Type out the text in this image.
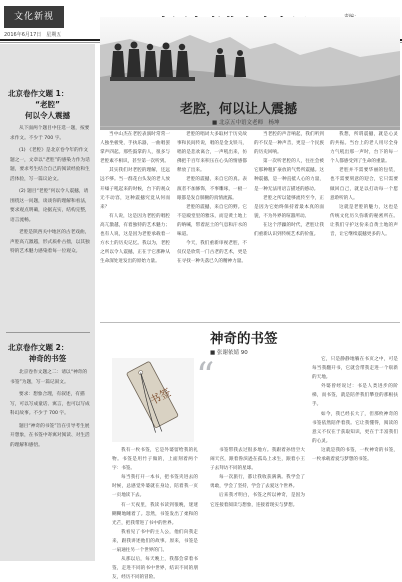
文化新视
2016年6月17日　星期五
北京卷作文题 1：
“老腔”
何以令人震撼

从下面两个题目中任选一题，按要求作文。不少于 700 字。

(1) 《老腔》是北京卷今年的作文题之一，文章以“老腔”的感染力作为话题，要求考生结合自己的阅读经验和生活体验，写一篇议论文。

(2) 题目“老腔”何以令人震撼，请围绕这一问题，谈谈你的理解和看法，要求观点明确，论据充实，结构完整，语言流畅。

老腔是陕西关中地区的古老戏曲，声腔高亢激越，形式质朴古拙，以其独特的艺术魅力感染着每一位观众。

北京卷作文题 2：
神奇的书签

北京卷作文题之二：请以“神奇的书签”为题，写一篇记叙文。

要求：想象合理，有叙述，有描写，可以写成童话、寓言，也可以写成科幻故事。不少于 700 字。

题目“神奇的书签”旨在引导考生展开想象，在书签中寄寓对阅读、对生活的理解和感悟。

老腔，何以让人震撼
■ 北京五中语文老师　杨坤

当中山杰在老腔表演时常常一人独坐板凳，手执乐器，一曲唱罢掌声四起。那些鼓掌的人，很多与老腔素不相识，甚至第一次听到。

其实我们对老腔的理解，还远远不够。当一群花白头发的老人放开嗓子吼起来的时候，台下的观众无不动容，这种震撼究竟从何而来？

有人说，这是因为老腔的唱腔高亢激越，有着独特的艺术魅力；也有人说，这是因为老腔承载着一方水土的历史记忆。我以为，老腔之所以令人震撼，正在于它那种从生命深处迸发出的原始力量。

老腔的唱词大多取材于历史故事和民间传说，唱的是金戈铁马，唱的是悲欢离合，一声吼出来，仿佛把千百年来积压在心头的情感都释放了出来。

老腔的震撼，来自它的真。表演者不加修饰，不事雕琢，一板一眼都是发自肺腑的真情流露。

老腔的震撼，来自它的野。它不是殿堂里的雅乐，而是黄土地上的呐喊，带着泥土的气息和汗水的味道。

今天，我们重新审视老腔，不仅仅是欣赏一门古老的艺术，更是在寻找一种失落已久的精神力量。

当老腔的声音响起，我们听到的不仅是一种声音，更是一个民族的历史回响。

第一次听老腔的人，往往会被它那种粗犷豪放的气势所震撼。这种震撼，是一种直抵人心的力量，是一种无法用语言描述的感动。

老腔之所以能够流传至今，正是因为它始终保持着最本真的面貌，不为外界的喧嚣所动。

在这个浮躁的时代，老腔让我们重新认识到传统艺术的价值。

我想，所谓震撼，就是心灵的共振。当台上的老人用尽全身力气吼出那一声时，台下的每一个人都感受到了生命的重量。

老腔并不需要华丽的包装，也不需要刻意的迎合，它只需要做回自己，就足以打动每一个愿意聆听的人。

这就是老腔的魅力，这也是传统文化历久弥新的秘密所在。让我们守护这份来自黄土地的声音，让它继续震撼更多的人。

神奇的书签
■ 张谢依婧 90
书签 “

我有一枚书签，它是外婆留给我的礼物。书签是用竹子做的，上面刻着两个字：书签。

每当我打开一本书，把书签夹进去的时候，总感觉外婆就在身边，陪着我一页一页地读下去。

有一天夜里，我读书读到很晚，迷迷糊糊地睡着了。忽然，书签发出了柔和的光芒，把我带进了书中的世界。

我看见了书中的主人公，他们向我走来，跟我讲述他们的故事。原来，书签是一扇通往另一个世界的门。

从那以后，每天晚上，我都会拿着书签，走进不同的书中世界，结识不同的朋友，经历不同的冒险。

书签带我去过很多地方。我跟着孙悟空大闹天宫，跟着鲁滨逊在孤岛上求生，跟着小王子去拜访不同的星球。

每一次旅行，都让我收获满满。我学会了勇敢，学会了坚持，学会了去爱这个世界。

后来我才明白，书签之所以神奇，是因为它连接着阅读与想象，连接着现实与梦想。

它，只是静静地躺在书页之中，可是每当我翻开书，它就会带我走进一个崭新的天地。

外婆曾经说过：书是人类进步的阶梯，而书签，就是陪伴我们攀登的那根扶手。

如今，我已经长大了，但那枚神奇的书签依然陪伴着我。它让我懂得，阅读的意义不仅在于获取知识，更在于丰富我们的心灵。

这就是我的书签，一枚神奇的书签，一枚承载着爱与梦想的书签。
